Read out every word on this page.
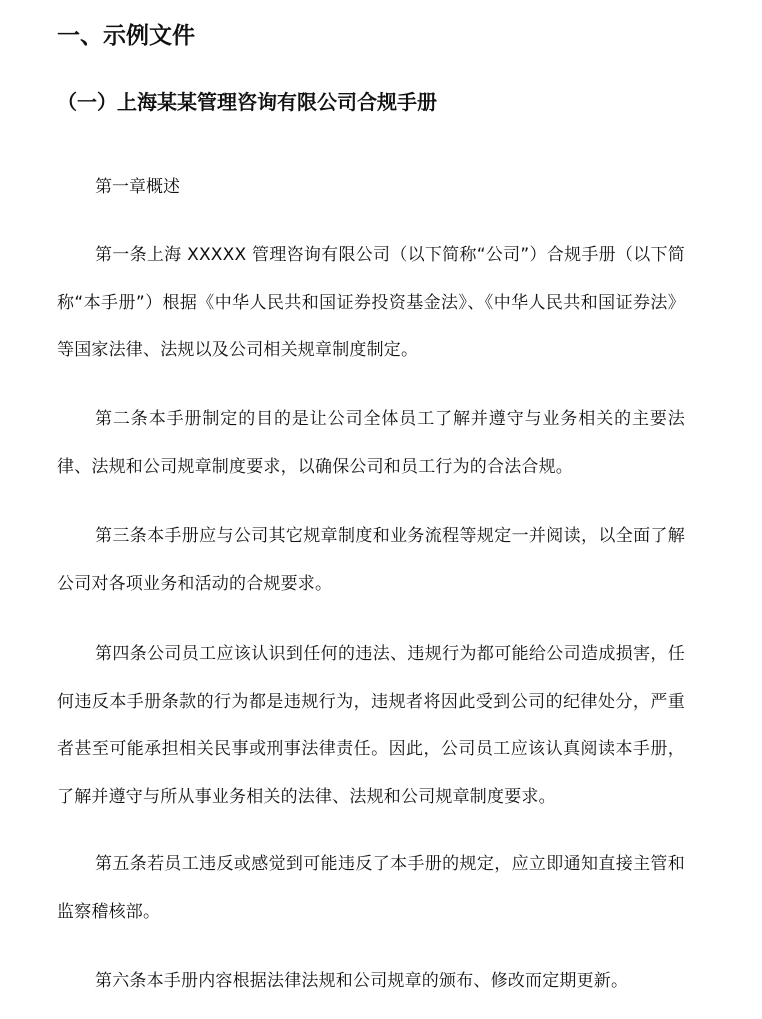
一、示例文件
（一）上海某某管理咨询有限公司合规手册
第一章概述

第一条上海 XXXXX 管理咨询有限公司（以下简称“公司”）合规手册（以下简称“本手册”）根据《中华人民共和国证券投资基金法》、《中华人民共和国证券法》等国家法律、法规以及公司相关规章制度制定。

第二条本手册制定的目的是让公司全体员工了解并遵守与业务相关的主要法律、法规和公司规章制度要求，以确保公司和员工行为的合法合规。

第三条本手册应与公司其它规章制度和业务流程等规定一并阅读，以全面了解公司对各项业务和活动的合规要求。

第四条公司员工应该认识到任何的违法、违规行为都可能给公司造成损害，任何违反本手册条款的行为都是违规行为，违规者将因此受到公司的纪律处分，严重者甚至可能承担相关民事或刑事法律责任。因此，公司员工应该认真阅读本手册，了解并遵守与所从事业务相关的法律、法规和公司规章制度要求。

第五条若员工违反或感觉到可能违反了本手册的规定，应立即通知直接主管和监察稽核部。

第六条本手册内容根据法律法规和公司规章的颁布、修改而定期更新。
